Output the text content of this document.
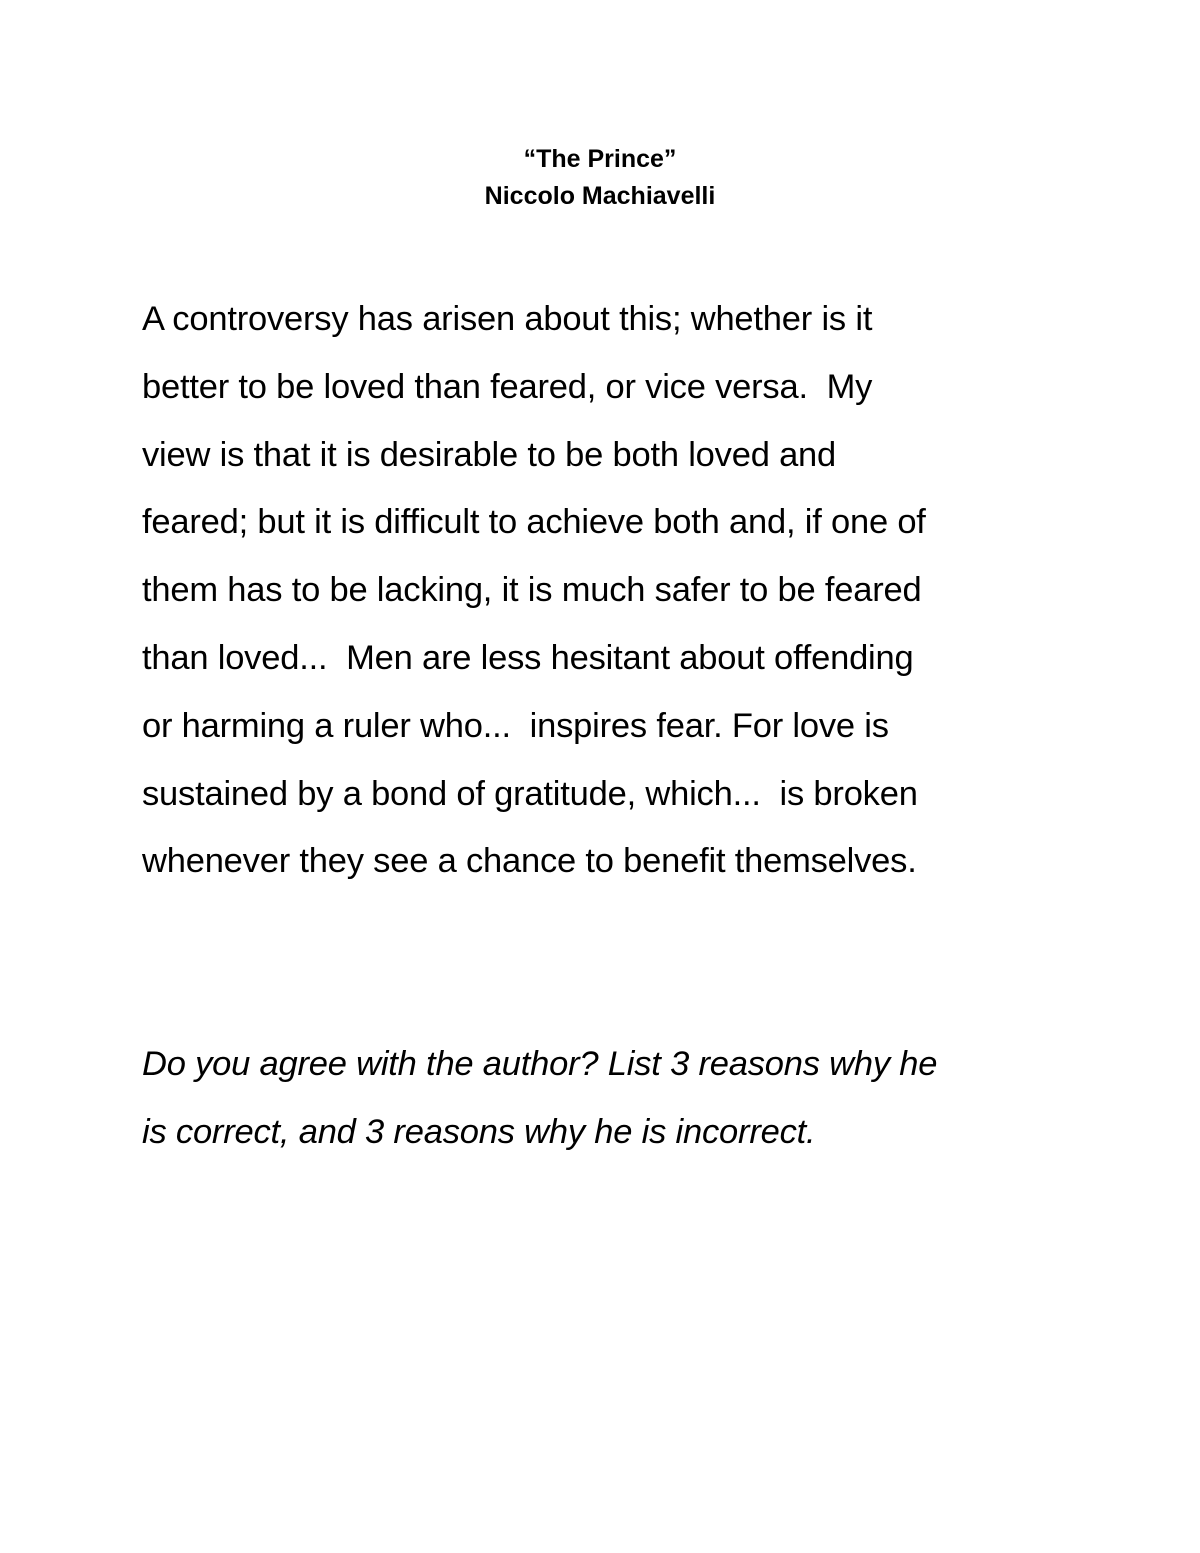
“The Prince”
Niccolo Machiavelli
A controversy has arisen about this; whether is it
better to be loved than feared, or vice versa.  My
view is that it is desirable to be both loved and
feared; but it is difficult to achieve both and, if one of
them has to be lacking, it is much safer to be feared
than loved...  Men are less hesitant about offending
or harming a ruler who...  inspires fear. For love is
sustained by a bond of gratitude, which...  is broken
whenever they see a chance to benefit themselves.
Do you agree with the author? List 3 reasons why he
is correct, and 3 reasons why he is incorrect.
